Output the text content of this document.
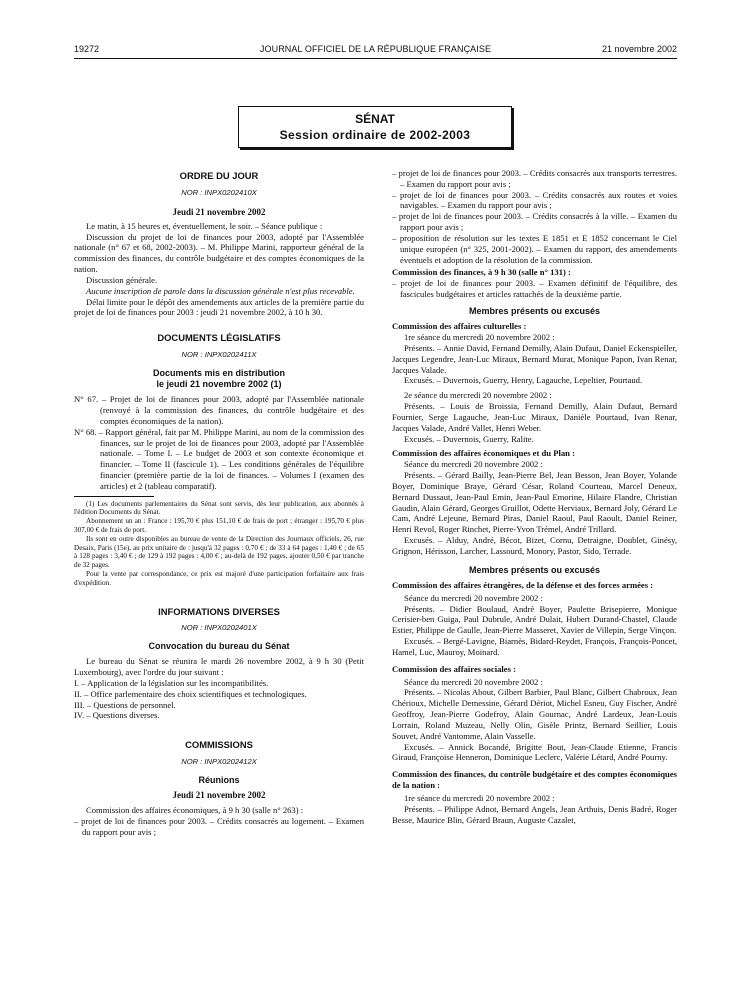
19272	JOURNAL OFFICIEL DE LA RÉPUBLIQUE FRANÇAISE	21 novembre 2002
SÉNAT
Session ordinaire de 2002-2003
ORDRE DU JOUR
NOR : INPX0202410X
Jeudi 21 novembre 2002

Le matin, à 15 heures et, éventuellement, le soir. – Séance publique :

Discussion du projet de loi de finances pour 2003, adopté par l'Assemblée nationale (n° 67 et 68, 2002-2003). – M. Philippe Marini, rapporteur général de la commission des finances, du contrôle budgétaire et des comptes économiques de la nation.

Discussion générale.

Aucune inscription de parole dans la discussion générale n'est plus recevable.

Délai limite pour le dépôt des amendements aux articles de la première partie du projet de loi de finances pour 2003 : jeudi 21 novembre 2002, à 10 h 30.

DOCUMENTS LÉGISLATIFS
NOR : INPX0202411X
Documents mis en distribution
le jeudi 21 novembre 2002 (1)

N° 67. – Projet de loi de finances pour 2003, adopté par l'Assemblée nationale (renvoyé à la commission des finances, du contrôle budgétaire et des comptes économiques de la nation).

N° 68. – Rapport général, fait par M. Philippe Marini, au nom de la commission des finances, sur le projet de loi de finances pour 2003, adopté par l'Assemblée nationale. – Tome I. – Le budget de 2003 et son contexte économique et financier. – Tome II (fascicule 1). – Les conditions générales de l'équilibre financier (première partie de la loi de finances. – Volumes I (examen des articles) et 2 (tableau comparatif).

(1) Les documents parlementaires du Sénat sont servis, dès leur publication, aux abonnés à l'édition Documents du Sénat.

Abonnement un an : France : 195,70 € plus 151,10 € de frais de port ; étranger : 195,70 € plus 307,00 € de frais de port.

Ils sont en outre disponibles au bureau de vente de la Direction des Journaux officiels, 26, rue Desaix, Paris (15e), au prix unitaire de : jusqu'à 32 pages : 0,70 € ; de 33 à 64 pages : 1,40 € ; de 65 à 128 pages : 3,40 € ; de 129 à 192 pages : 4,00 € ; au-delà de 192 pages, ajouter 0,50 € par tranche de 32 pages.

Pour la vente par correspondance, ce prix est majoré d'une participation forfaitaire aux frais d'expédition.

INFORMATIONS DIVERSES
NOR : INPX0202401X
Convocation du bureau du Sénat

Le bureau du Sénat se réunira le mardi 26 novembre 2002, à 9 h 30 (Petit Luxembourg), avec l'ordre du jour suivant :

I. – Application de la législation sur les incompatibilités.

II. – Office parlementaire des choix scientifiques et technologiques.

III. – Questions de personnel.

IV. – Questions diverses.

COMMISSIONS
NOR : INPX0202412X
Réunions
Jeudi 21 novembre 2002

Commission des affaires économiques, à 9 h 30 (salle n° 263) :

– projet de loi de finances pour 2003. – Crédits consacrés au logement. – Examen du rapport pour avis ;

– projet de loi de finances pour 2003. – Crédits consacrés aux transports terrestres. – Examen du rapport pour avis ;

– projet de loi de finances pour 2003. – Crédits consacrés aux routes et voies navigables. – Examen du rapport pour avis ;

– projet de loi de finances pour 2003. – Crédits consacrés à la ville. – Examen du rapport pour avis ;

– proposition de résolution sur les textes E 1851 et E 1852 concernant le Ciel unique européen (n° 325, 2001-2002). – Examen du rapport, des amendements éventuels et adoption de la résolution de la commission.

Commission des finances, à 9 h 30 (salle n° 131) :

– projet de loi de finances pour 2003. – Examen définitif de l'équilibre, des fascicules budgétaires et articles rattachés de la deuxième partie.

Membres présents ou excusés

Commission des affaires culturelles :

1re séance du mercredi 20 novembre 2002 :

Présents. – Annie David, Fernand Demilly, Alain Dufaut, Daniel Eckenspieller, Jacques Legendre, Jean-Luc Miraux, Bernard Murat, Monique Papon, Ivan Renar, Jacques Valade.

Excusés. – Duvernois, Guerry, Henry, Lagauche, Lepeltier, Pourtaud.

2e séance du mercredi 20 novembre 2002 :

Présents. – Louis de Broissia, Fernand Demilly, Alain Dufaut, Bernard Fournier, Serge Lagauche, Jean-Luc Miraux, Danièle Pourtaud, Ivan Renar, Jacques Valade, André Vallet, Henri Weber.

Excusés. – Duvernois, Guerry, Ralite.

Commission des affaires économiques et du Plan :

Séance du mercredi 20 novembre 2002 :

Présents. – Gérard Bailly, Jean-Pierre Bel, Jean Besson, Jean Boyer, Yolande Boyer, Dominique Braye, Gérard César, Roland Courteau, Marcel Deneux, Bernard Dussaut, Jean-Paul Emin, Jean-Paul Emorine, Hilaire Flandre, Christian Gaudin, Alain Gérard, Georges Gruillot, Odette Herviaux, Bernard Joly, Gérard Le Cam, André Lejeune, Bernard Piras, Daniel Raoul, Paul Raoult, Daniel Reiner, Henri Revol, Roger Rinchet, Pierre-Yvon Trémel, André Trillard.

Excusés. – Alduy, André, Bécot, Bizet, Cornu, Detraigne, Doublet, Ginésy, Grignon, Hérisson, Larcher, Lassourd, Monory, Pastor, Sido, Terrade.

Membres présents ou excusés

Commission des affaires étrangères, de la défense et des forces armées :

Séance du mercredi 20 novembre 2002 :

Présents. – Didier Boulaud, André Boyer, Paulette Brisepierre, Monique Cerisier-ben Guiga, Paul Dubrule, André Dulait, Hubert Durand-Chastel, Claude Estier, Philippe de Gaulle, Jean-Pierre Masseret, Xavier de Villepin, Serge Vinçon.

Excusés. – Bergé-Lavigne, Biarnès, Bidard-Reydet, François, François-Poncet, Hamel, Luc, Mauroy, Moinard.

Commission des affaires sociales :

Séance du mercredi 20 novembre 2002 :

Présents. – Nicolas About, Gilbert Barbier, Paul Blanc, Gilbert Chabroux, Jean Chérioux, Michelle Demessine, Gérard Dériot, Michel Esneu, Guy Fischer, André Geoffroy, Jean-Pierre Godefroy, Alain Gournac, André Lardeux, Jean-Louis Lorrain, Roland Muzeau, Nelly Olin, Gisèle Printz, Bernard Seillier, Louis Souvet, André Vantomme, Alain Vasselle.

Excusés. – Annick Bocandé, Brigitte Bout, Jean-Claude Etienne, Francis Giraud, Françoise Henneron, Dominique Leclerc, Valérie Létard, André Pourny.

Commission des finances, du contrôle budgétaire et des comptes économiques de la nation :

1re séance du mercredi 20 novembre 2002 :

Présents. – Philippe Adnot, Bernard Angels, Jean Arthuis, Denis Badré, Roger Besse, Maurice Blin, Gérard Braun, Auguste Cazalet,
